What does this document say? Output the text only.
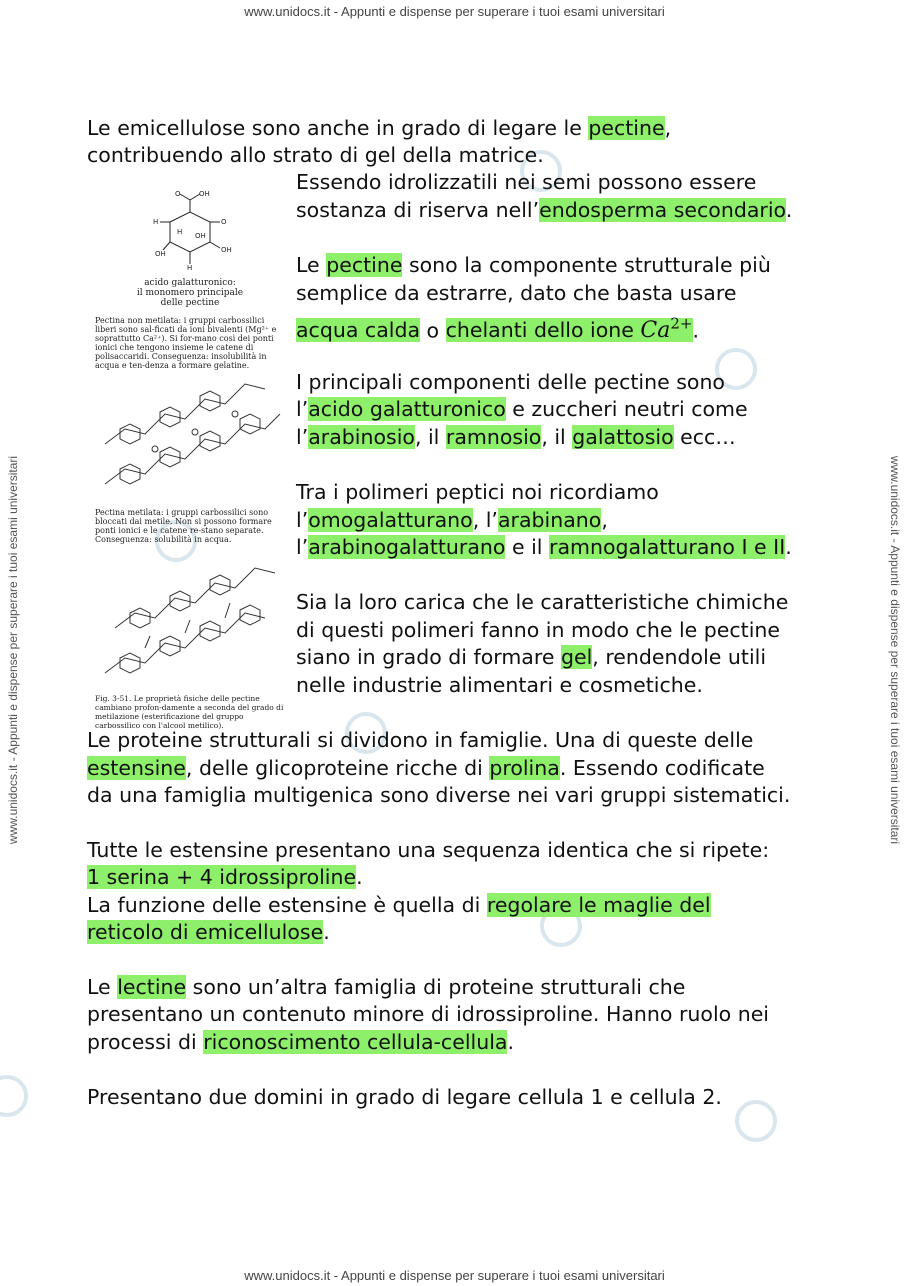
www.unidocs.it - Appunti e dispense per superare i tuoi esami universitari
www.unidocs.it - Appunti e dispense per superare i tuoi esami universitari
www.unidocs.it - Appunti e dispense per superare i tuoi esami universitari	www.unidocs.it - Appunti e dispense per superare i tuoi esami universitari
O	OH
H	O
OH
H
OH
H OH
acido galatturonico:
il monomero principale
delle pectine
Pectina non metilata: i gruppi carbossilici liberi sono sal-ficati da ioni bivalenti (Mg²⁺ e soprattutto Ca²⁺). Si for-mano così dei ponti ionici che tengono insieme le catene di polisaccaridi. Conseguenza: insolubilità in acqua e ten-denza a formare gelatine.
Pectina metilata: i gruppi carbossilici sono bloccati dai metile. Non si possono formare ponti ionici e le catene re-stano separate. Conseguenza: solubilità in acqua.
Fig. 3-51. Le proprietà fisiche delle pectine cambiano profon-damente a seconda del grado di metilazione (esterificazione del gruppo carbossilico con l'alcool metilico).

Le emicellulose sono anche in grado di legare le pectine,

contribuendo allo strato di gel della matrice.

Essendo idrolizzatili nei semi possono essere

sostanza di riserva nell’endosperma secondario.

Le pectine sono la componente strutturale più

semplice da estrarre, dato che basta usare

acqua calda o chelanti dello ione $Ca^{2+}$.

I principali componenti delle pectine sono

l’acido galatturonico e zuccheri neutri come

l’arabinosio, il ramnosio, il galattosio ecc…

Tra i polimeri peptici noi ricordiamo

l’omogalatturano, l’arabinano,

l’arabinogalatturano e il ramnogalatturano I e II.

Sia la loro carica che le caratteristiche chimiche

di questi polimeri fanno in modo che le pectine

siano in grado di formare gel, rendendole utili

nelle industrie alimentari e cosmetiche.

Le proteine strutturali si dividono in famiglie. Una di queste delle

estensine, delle glicoproteine ricche di prolina. Essendo codificate

da una famiglia multigenica sono diverse nei vari gruppi sistematici.

Tutte le estensine presentano una sequenza identica che si ripete:

1 serina + 4 idrossiproline.

La funzione delle estensine è quella di regolare le maglie del

reticolo di emicellulose.

Le lectine sono un’altra famiglia di proteine strutturali che

presentano un contenuto minore di idrossiproline. Hanno ruolo nei

processi di riconoscimento cellula-cellula.

Presentano due domini in grado di legare cellula 1 e cellula 2.
